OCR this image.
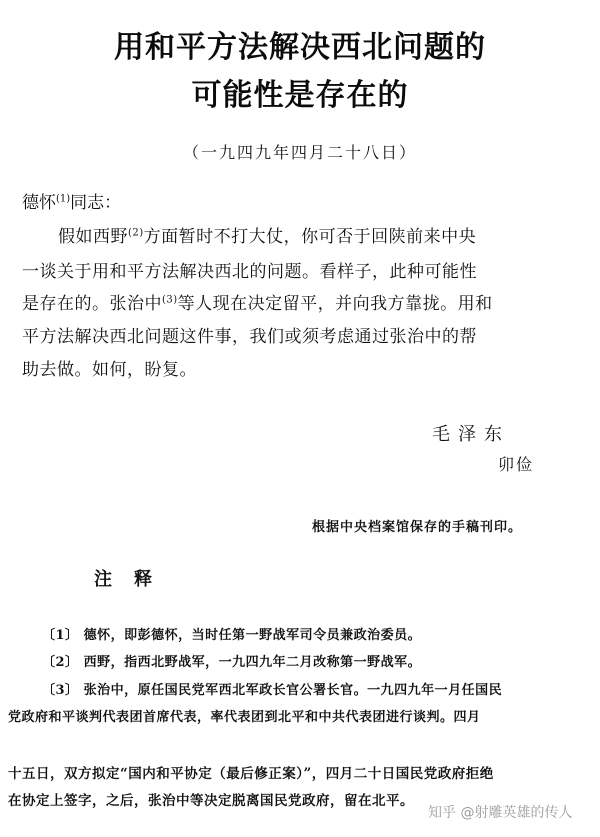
用和平方法解决西北问题的
可能性是存在的
（一九四九年四月二十八日）
德怀$^{(1)}$同志：
假如西野$^{(2)}$方面暂时不打大仗，你可否于回陕前来中央
一谈关于用和平方法解决西北的问题。看样子，此种可能性
是存在的。张治中$^{(3)}$等人现在决定留平，并向我方靠拢。用和
平方法解决西北问题这件事，我们或须考虑通过张治中的帮
助去做。如何，盼复。
毛泽东
卯俭
根据中央档案馆保存的手稿刊印。
注释
〔1〕 德怀，即彭德怀，当时任第一野战军司令员兼政治委员。
〔2〕 西野，指西北野战军，一九四九年二月改称第一野战军。
〔3〕 张治中，原任国民党军西北军政长官公署长官。一九四九年一月任国民
党政府和平谈判代表团首席代表，率代表团到北平和中共代表团进行谈判。四月
十五日，双方拟定“国内和平协定（最后修正案）”，四月二十日国民党政府拒绝
在协定上签字，之后，张治中等决定脱离国民党政府，留在北平。
知乎 @射雕英雄的传人
